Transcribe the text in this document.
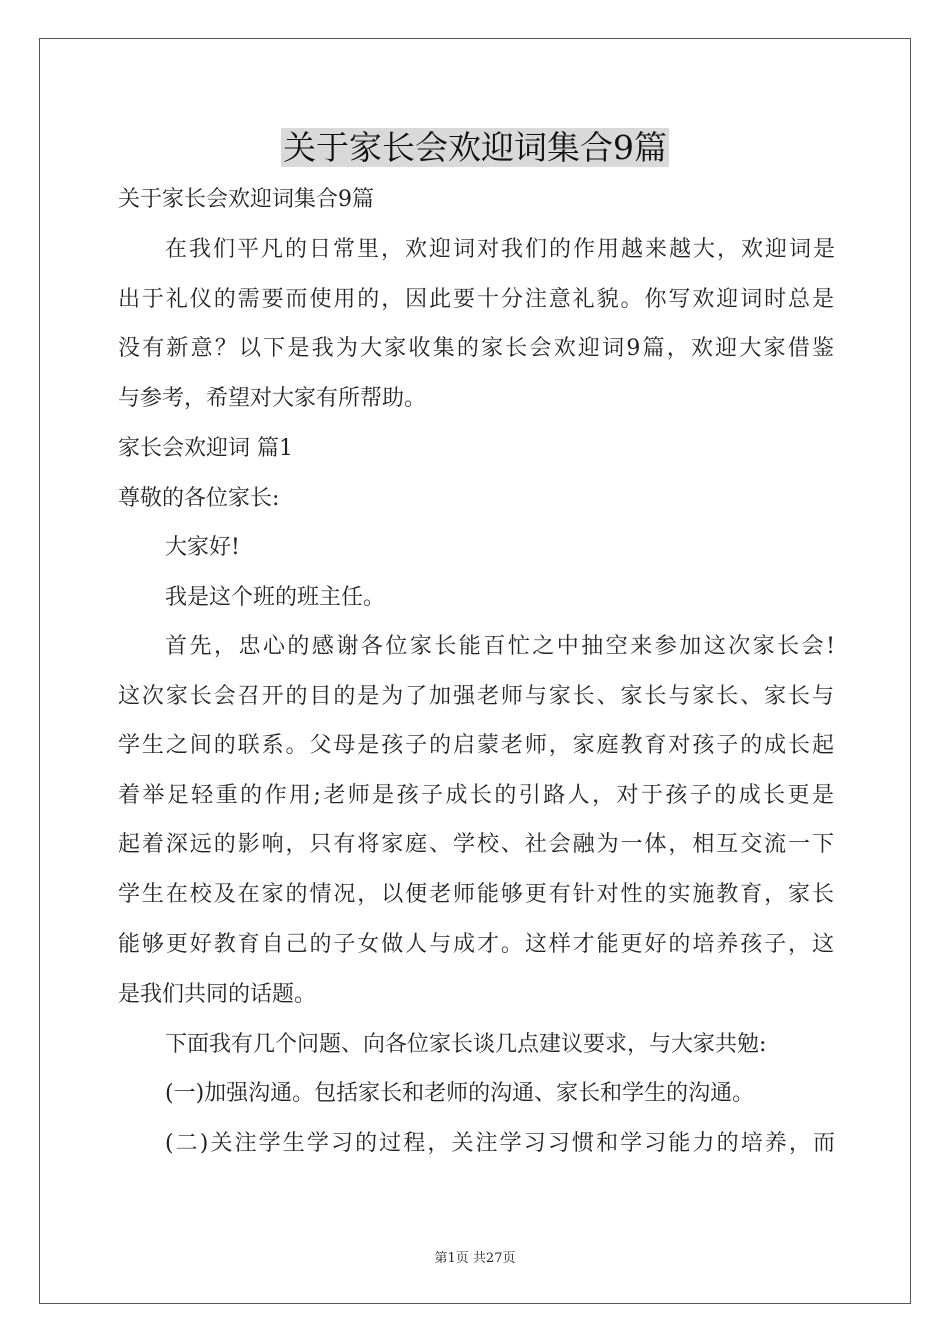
关于家长会欢迎词集合9篇
关于家长会欢迎词集合9篇
在我们平凡的日常里，欢迎词对我们的作用越来越大，欢迎词是
出于礼仪的需要而使用的，因此要十分注意礼貌。你写欢迎词时总是
没有新意？以下是我为大家收集的家长会欢迎词9篇，欢迎大家借鉴
与参考，希望对大家有所帮助。
家长会欢迎词 篇1
尊敬的各位家长:
大家好!
我是这个班的班主任。
首先，忠心的感谢各位家长能百忙之中抽空来参加这次家长会!
这次家长会召开的目的是为了加强老师与家长、家长与家长、家长与
学生之间的联系。父母是孩子的启蒙老师，家庭教育对孩子的成长起
着举足轻重的作用;老师是孩子成长的引路人，对于孩子的成长更是
起着深远的影响，只有将家庭、学校、社会融为一体，相互交流一下
学生在校及在家的情况，以便老师能够更有针对性的实施教育，家长
能够更好教育自己的子女做人与成才。这样才能更好的培养孩子，这
是我们共同的话题。
下面我有几个问题、向各位家长谈几点建议要求，与大家共勉:
(一)加强沟通。包括家长和老师的沟通、家长和学生的沟通。
(二)关注学生学习的过程，关注学习习惯和学习能力的培养，而
第1页 共27页
